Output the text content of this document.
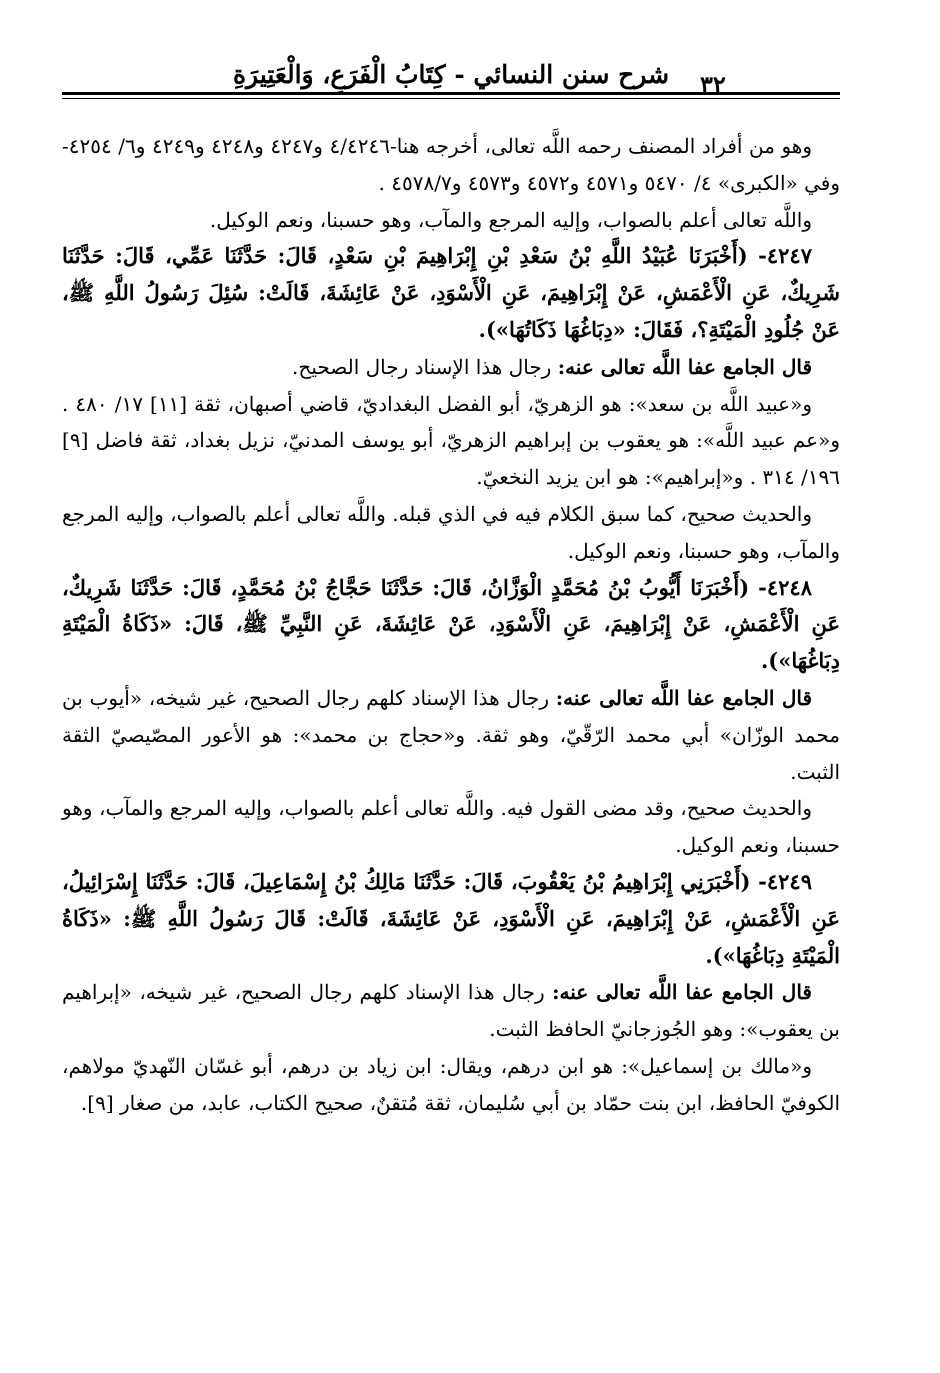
شرح سنن النسائي - كِتَابُ الْفَرَعِ، وَالْعَتِيرَةِ	٣٢

وهو من أفراد المصنف رحمه اللَّه تعالى، أخرجه هنا-٤/٤٢٤٦ و٤٢٤٧ و٤٢٤٨ و٤٢٤٩ و٦/ ٤٢٥٤- وفي «الكبرى» ٤/ ٥٤٧٠ و٤٥٧١ و٤٥٧٢ و٤٥٧٣ و٤٥٧٨/٧ .

واللَّه تعالى أعلم بالصواب، وإليه المرجع والمآب، وهو حسبنا، ونعم الوكيل.

٤٢٤٧- (أَخْبَرَنَا عُبَيْدُ اللَّهِ بْنُ سَعْدِ بْنِ إِبْرَاهِيمَ بْنِ سَعْدٍ، قَالَ: حَدَّثَنَا عَمِّي، قَالَ: حَدَّثَنَا شَرِيكٌ، عَنِ الْأَعْمَشِ، عَنْ إِبْرَاهِيمَ، عَنِ الْأَسْوَدِ، عَنْ عَائِشَةَ، قَالَتْ: سُئِلَ رَسُولُ اللَّهِ ﷺ، عَنْ جُلُودِ الْمَيْتَةِ؟، فَقَالَ: «دِبَاغُهَا ذَكَاتُهَا»).

قال الجامع عفا اللَّه تعالى عنه: رجال هذا الإسناد رجال الصحيح.

و«عبيد اللَّه بن سعد»: هو الزهريّ، أبو الفضل البغداديّ، قاضي أصبهان، ثقة [١١] ١٧/ ٤٨٠ . و«عم عبيد اللَّه»: هو يعقوب بن إبراهيم الزهريّ، أبو يوسف المدنيّ، نزيل بغداد، ثقة فاضل [٩] ١٩٦/ ٣١٤ . و«إبراهيم»: هو ابن يزيد النخعيّ.

والحديث صحيح، كما سبق الكلام فيه في الذي قبله. واللَّه تعالى أعلم بالصواب، وإليه المرجع والمآب، وهو حسبنا، ونعم الوكيل.

٤٢٤٨- (أَخْبَرَنَا أَيُّوبُ بْنُ مُحَمَّدٍ الْوَزَّانُ، قَالَ: حَدَّثَنَا حَجَّاجُ بْنُ مُحَمَّدٍ، قَالَ: حَدَّثَنَا شَرِيكٌ، عَنِ الْأَعْمَشِ، عَنْ إِبْرَاهِيمَ، عَنِ الْأَسْوَدِ، عَنْ عَائِشَةَ، عَنِ النَّبِيِّ ﷺ، قَالَ: «ذَكَاةُ الْمَيْتَةِ دِبَاغُهَا»).

قال الجامع عفا اللَّه تعالى عنه: رجال هذا الإسناد كلهم رجال الصحيح، غير شيخه، «أيوب بن محمد الوزّان» أبي محمد الرّقّيّ، وهو ثقة. و«حجاج بن محمد»: هو الأعور المصّيصيّ الثقة الثبت.

والحديث صحيح، وقد مضى القول فيه. واللَّه تعالى أعلم بالصواب، وإليه المرجع والمآب، وهو حسبنا، ونعم الوكيل.

٤٢٤٩- (أَخْبَرَنِي إِبْرَاهِيمُ بْنُ يَعْقُوبَ، قَالَ: حَدَّثَنَا مَالِكُ بْنُ إِسْمَاعِيلَ، قَالَ: حَدَّثَنَا إِسْرَائِيلُ، عَنِ الْأَعْمَشِ، عَنْ إِبْرَاهِيمَ، عَنِ الْأَسْوَدِ، عَنْ عَائِشَةَ، قَالَتْ: قَالَ رَسُولُ اللَّهِ ﷺ: «ذَكَاةُ الْمَيْتَةِ دِبَاغُهَا»).

قال الجامع عفا اللَّه تعالى عنه: رجال هذا الإسناد كلهم رجال الصحيح، غير شيخه، «إبراهيم بن يعقوب»: وهو الجُوزجانيّ الحافظ الثبت.

و«مالك بن إسماعيل»: هو ابن درهم، ويقال: ابن زياد بن درهم، أبو غسّان النّهديّ مولاهم، الكوفيّ الحافظ، ابن بنت حمّاد بن أبي سُليمان، ثقة مُتقنٌ، صحيح الكتاب، عابد، من صغار [٩].
